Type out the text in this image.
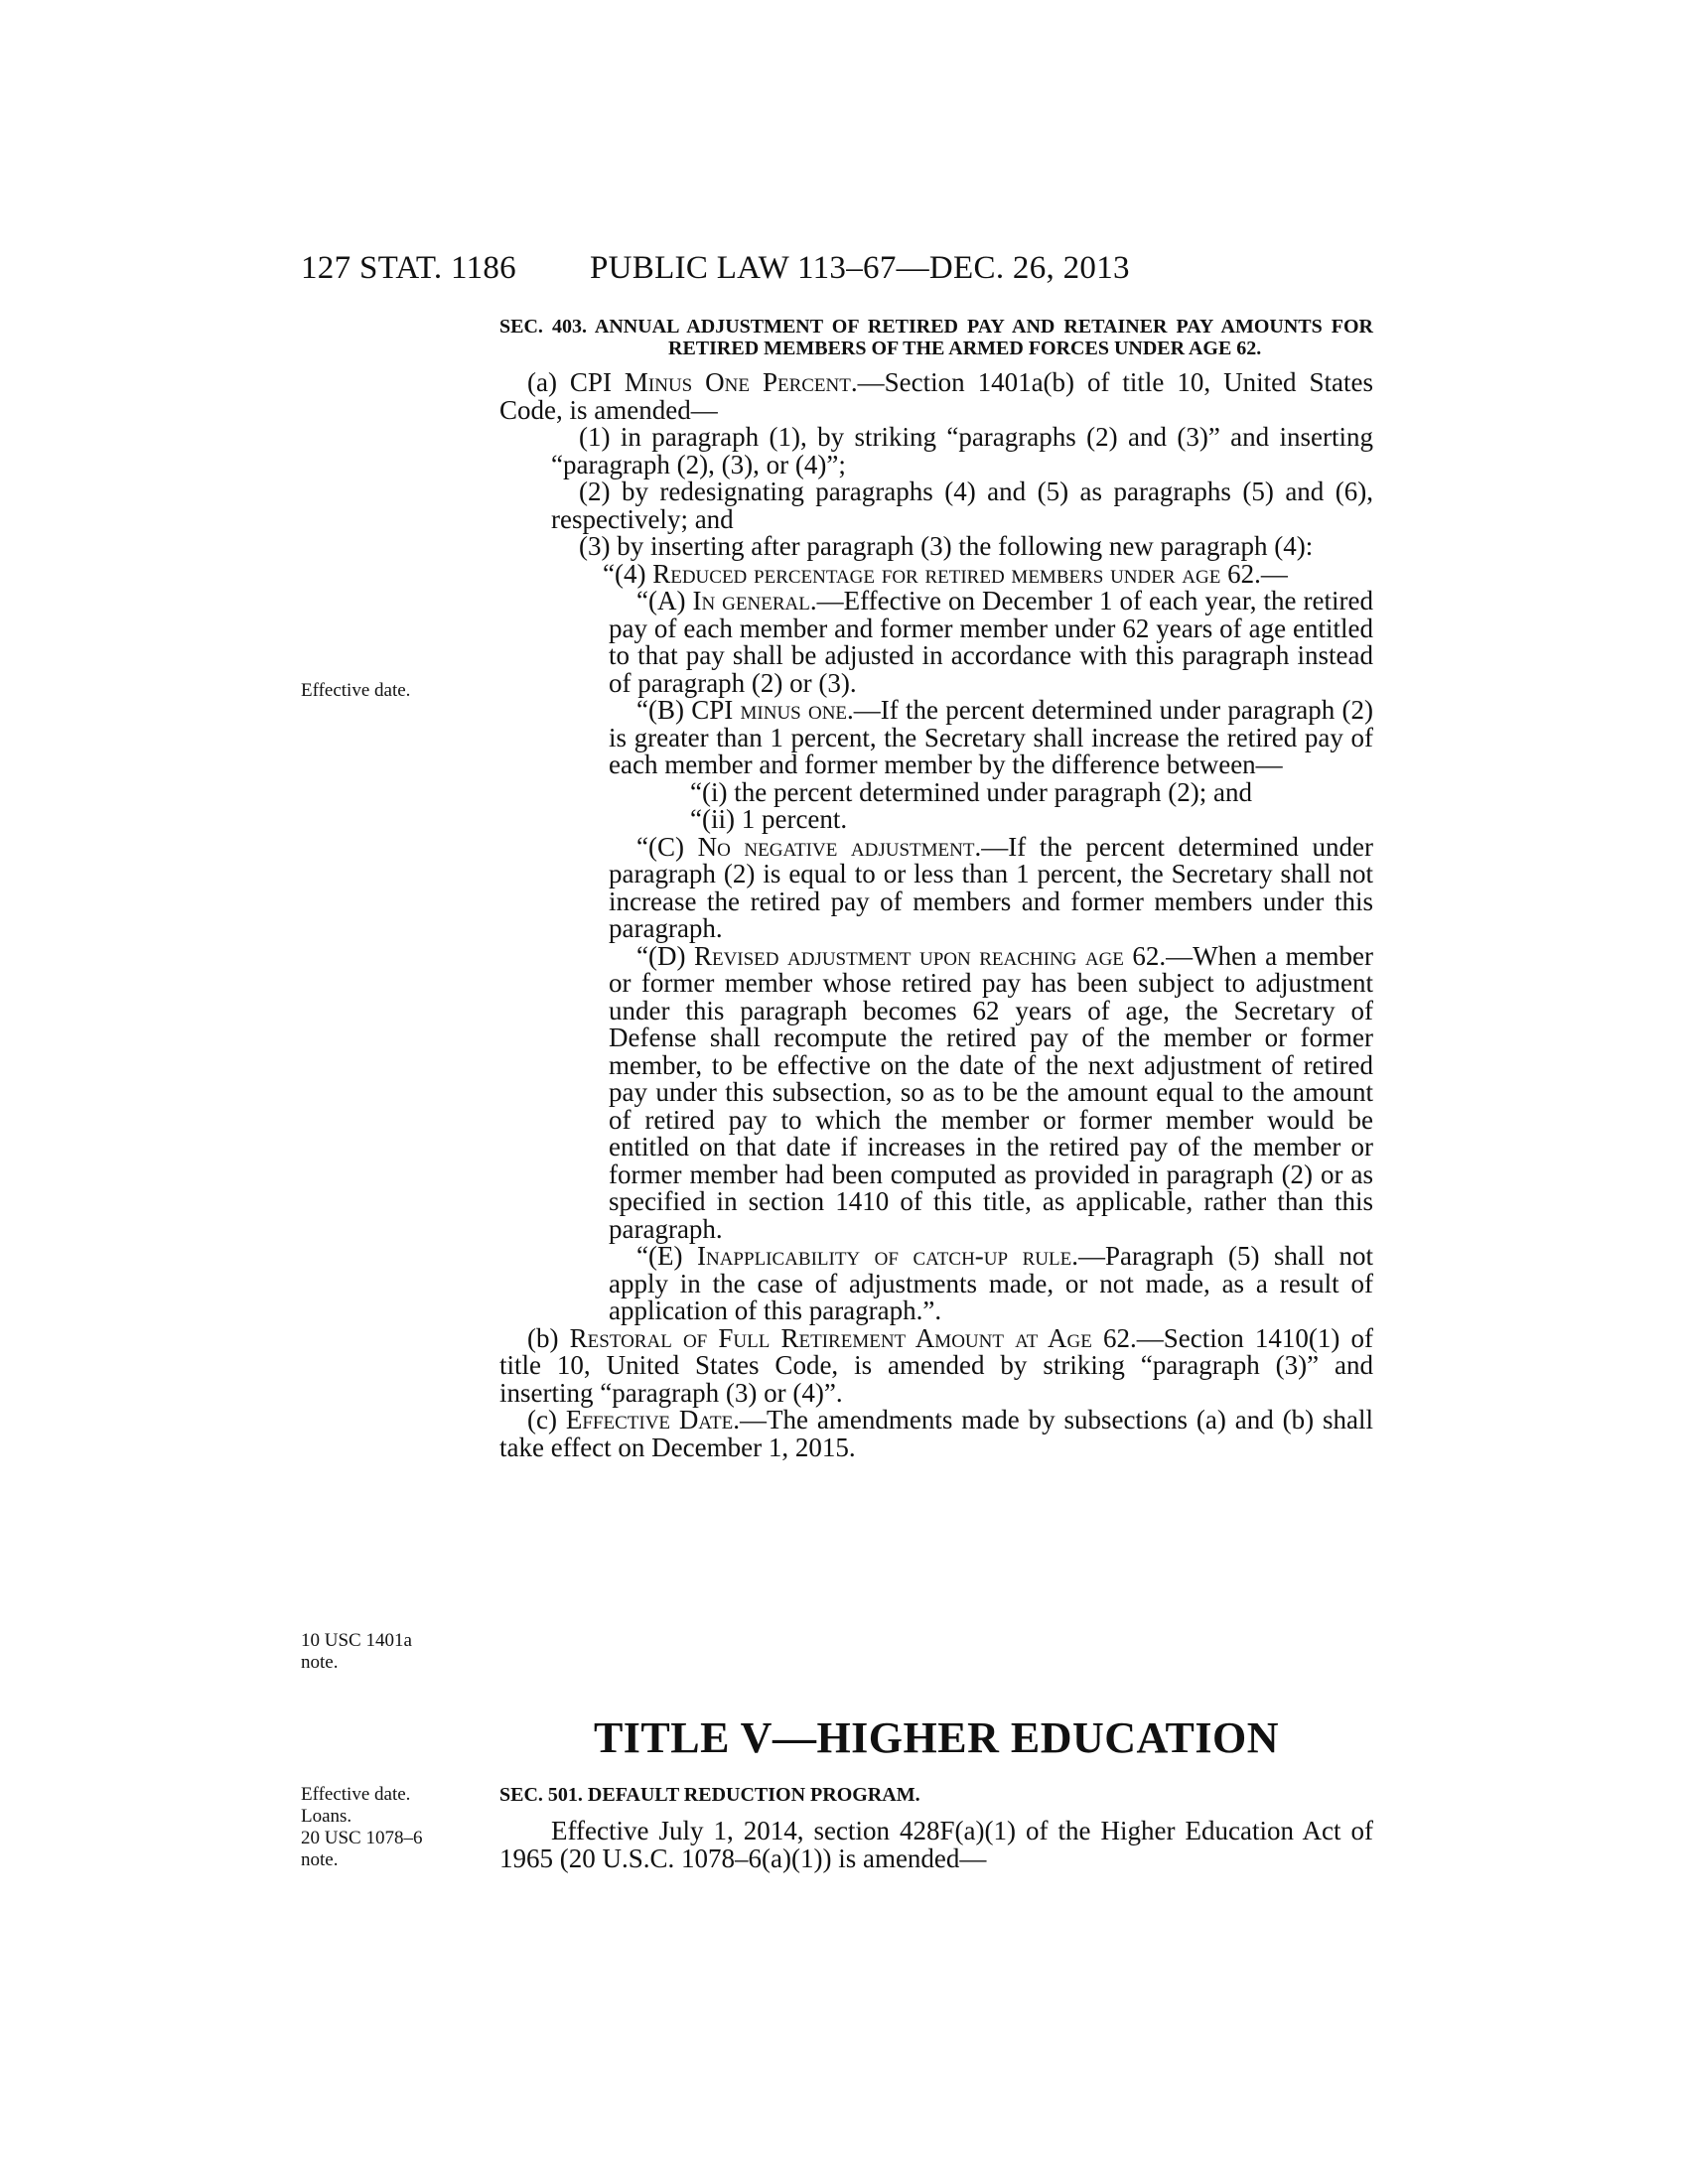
127 STAT. 1186 PUBLIC LAW 113–67—DEC. 26, 2013
Effective date.
10 USC 1401a
note.
Effective date.
Loans.
20 USC 1078–6
note.

SEC. 403. ANNUAL ADJUSTMENT OF RETIRED PAY AND RETAINER PAY AMOUNTS FOR RETIRED MEMBERS OF THE ARMED FORCES UNDER AGE 62.

(a) CPI Minus One Percent.—Section 1401a(b) of title 10, United States Code, is amended—

(1) in paragraph (1), by striking “paragraphs (2) and (3)” and inserting “paragraph (2), (3), or (4)”;

(2) by redesignating paragraphs (4) and (5) as paragraphs (5) and (6), respectively; and

(3) by inserting after paragraph (3) the following new paragraph (4):

“(4) Reduced percentage for retired members under age 62.—

“(A) In general.—Effective on December 1 of each year, the retired pay of each member and former member under 62 years of age entitled to that pay shall be adjusted in accordance with this paragraph instead of paragraph (2) or (3).

“(B) CPI minus one.—If the percent determined under paragraph (2) is greater than 1 percent, the Secretary shall increase the retired pay of each member and former member by the difference between—

“(i) the percent determined under paragraph (2); and

“(ii) 1 percent.

“(C) No negative adjustment.—If the percent determined under paragraph (2) is equal to or less than 1 percent, the Secretary shall not increase the retired pay of members and former members under this paragraph.

“(D) Revised adjustment upon reaching age 62.—When a member or former member whose retired pay has been subject to adjustment under this paragraph becomes 62 years of age, the Secretary of Defense shall recompute the retired pay of the member or former member, to be effective on the date of the next adjustment of retired pay under this subsection, so as to be the amount equal to the amount of retired pay to which the member or former member would be entitled on that date if increases in the retired pay of the member or former member had been computed as provided in paragraph (2) or as specified in section 1410 of this title, as applicable, rather than this paragraph.

“(E) Inapplicability of catch-up rule.—Paragraph (5) shall not apply in the case of adjustments made, or not made, as a result of application of this paragraph.”.

(b) Restoral of Full Retirement Amount at Age 62.—Section 1410(1) of title 10, United States Code, is amended by striking “paragraph (3)” and inserting “paragraph (3) or (4)”.

(c) Effective Date.—The amendments made by subsections (a) and (b) shall take effect on December 1, 2015.

TITLE V—HIGHER EDUCATION
SEC. 501. DEFAULT REDUCTION PROGRAM.

Effective July 1, 2014, section 428F(a)(1) of the Higher Education Act of 1965 (20 U.S.C. 1078–6(a)(1)) is amended—
